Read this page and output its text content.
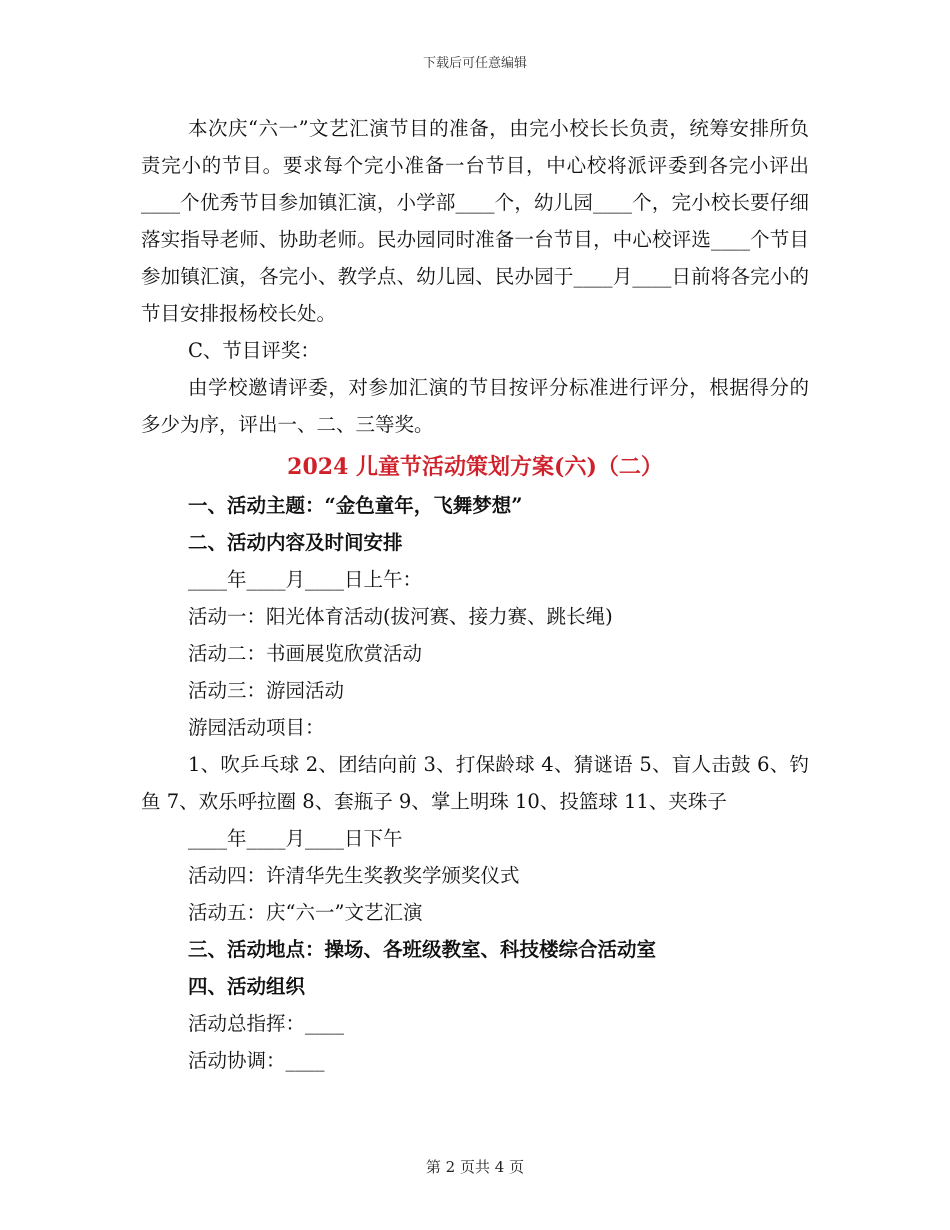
下载后可任意编辑

本次庆“六一”文艺汇演节目的准备，由完小校长长负责，统筹安排所负责完小的节目。要求每个完小准备一台节目，中心校将派评委到各完小评出____个优秀节目参加镇汇演，小学部____个，幼儿园____个，完小校长要仔细落实指导老师、协助老师。民办园同时准备一台节目，中心校评选____个节目参加镇汇演，各完小、教学点、幼儿园、民办园于____月____日前将各完小的节目安排报杨校长处。

C、节目评奖：

由学校邀请评委，对参加汇演的节目按评分标准进行评分，根据得分的多少为序，评出一、二、三等奖。

2024 儿童节活动策划方案(六)（二）

一、活动主题：“金色童年，飞舞梦想”

二、活动内容及时间安排

____年____月____日上午：

活动一：阳光体育活动(拔河赛、接力赛、跳长绳)

活动二：书画展览欣赏活动

活动三：游园活动

游园活动项目：

1、吹乒乓球 2、团结向前 3、打保龄球 4、猜谜语 5、盲人击鼓 6、钓鱼 7、欢乐呼拉圈 8、套瓶子 9、掌上明珠 10、投篮球 11、夹珠子

____年____月____日下午

活动四：许清华先生奖教奖学颁奖仪式

活动五：庆“六一”文艺汇演

三、活动地点：操场、各班级教室、科技楼综合活动室

四、活动组织

活动总指挥：____

活动协调：____

第 2 页共 4 页
